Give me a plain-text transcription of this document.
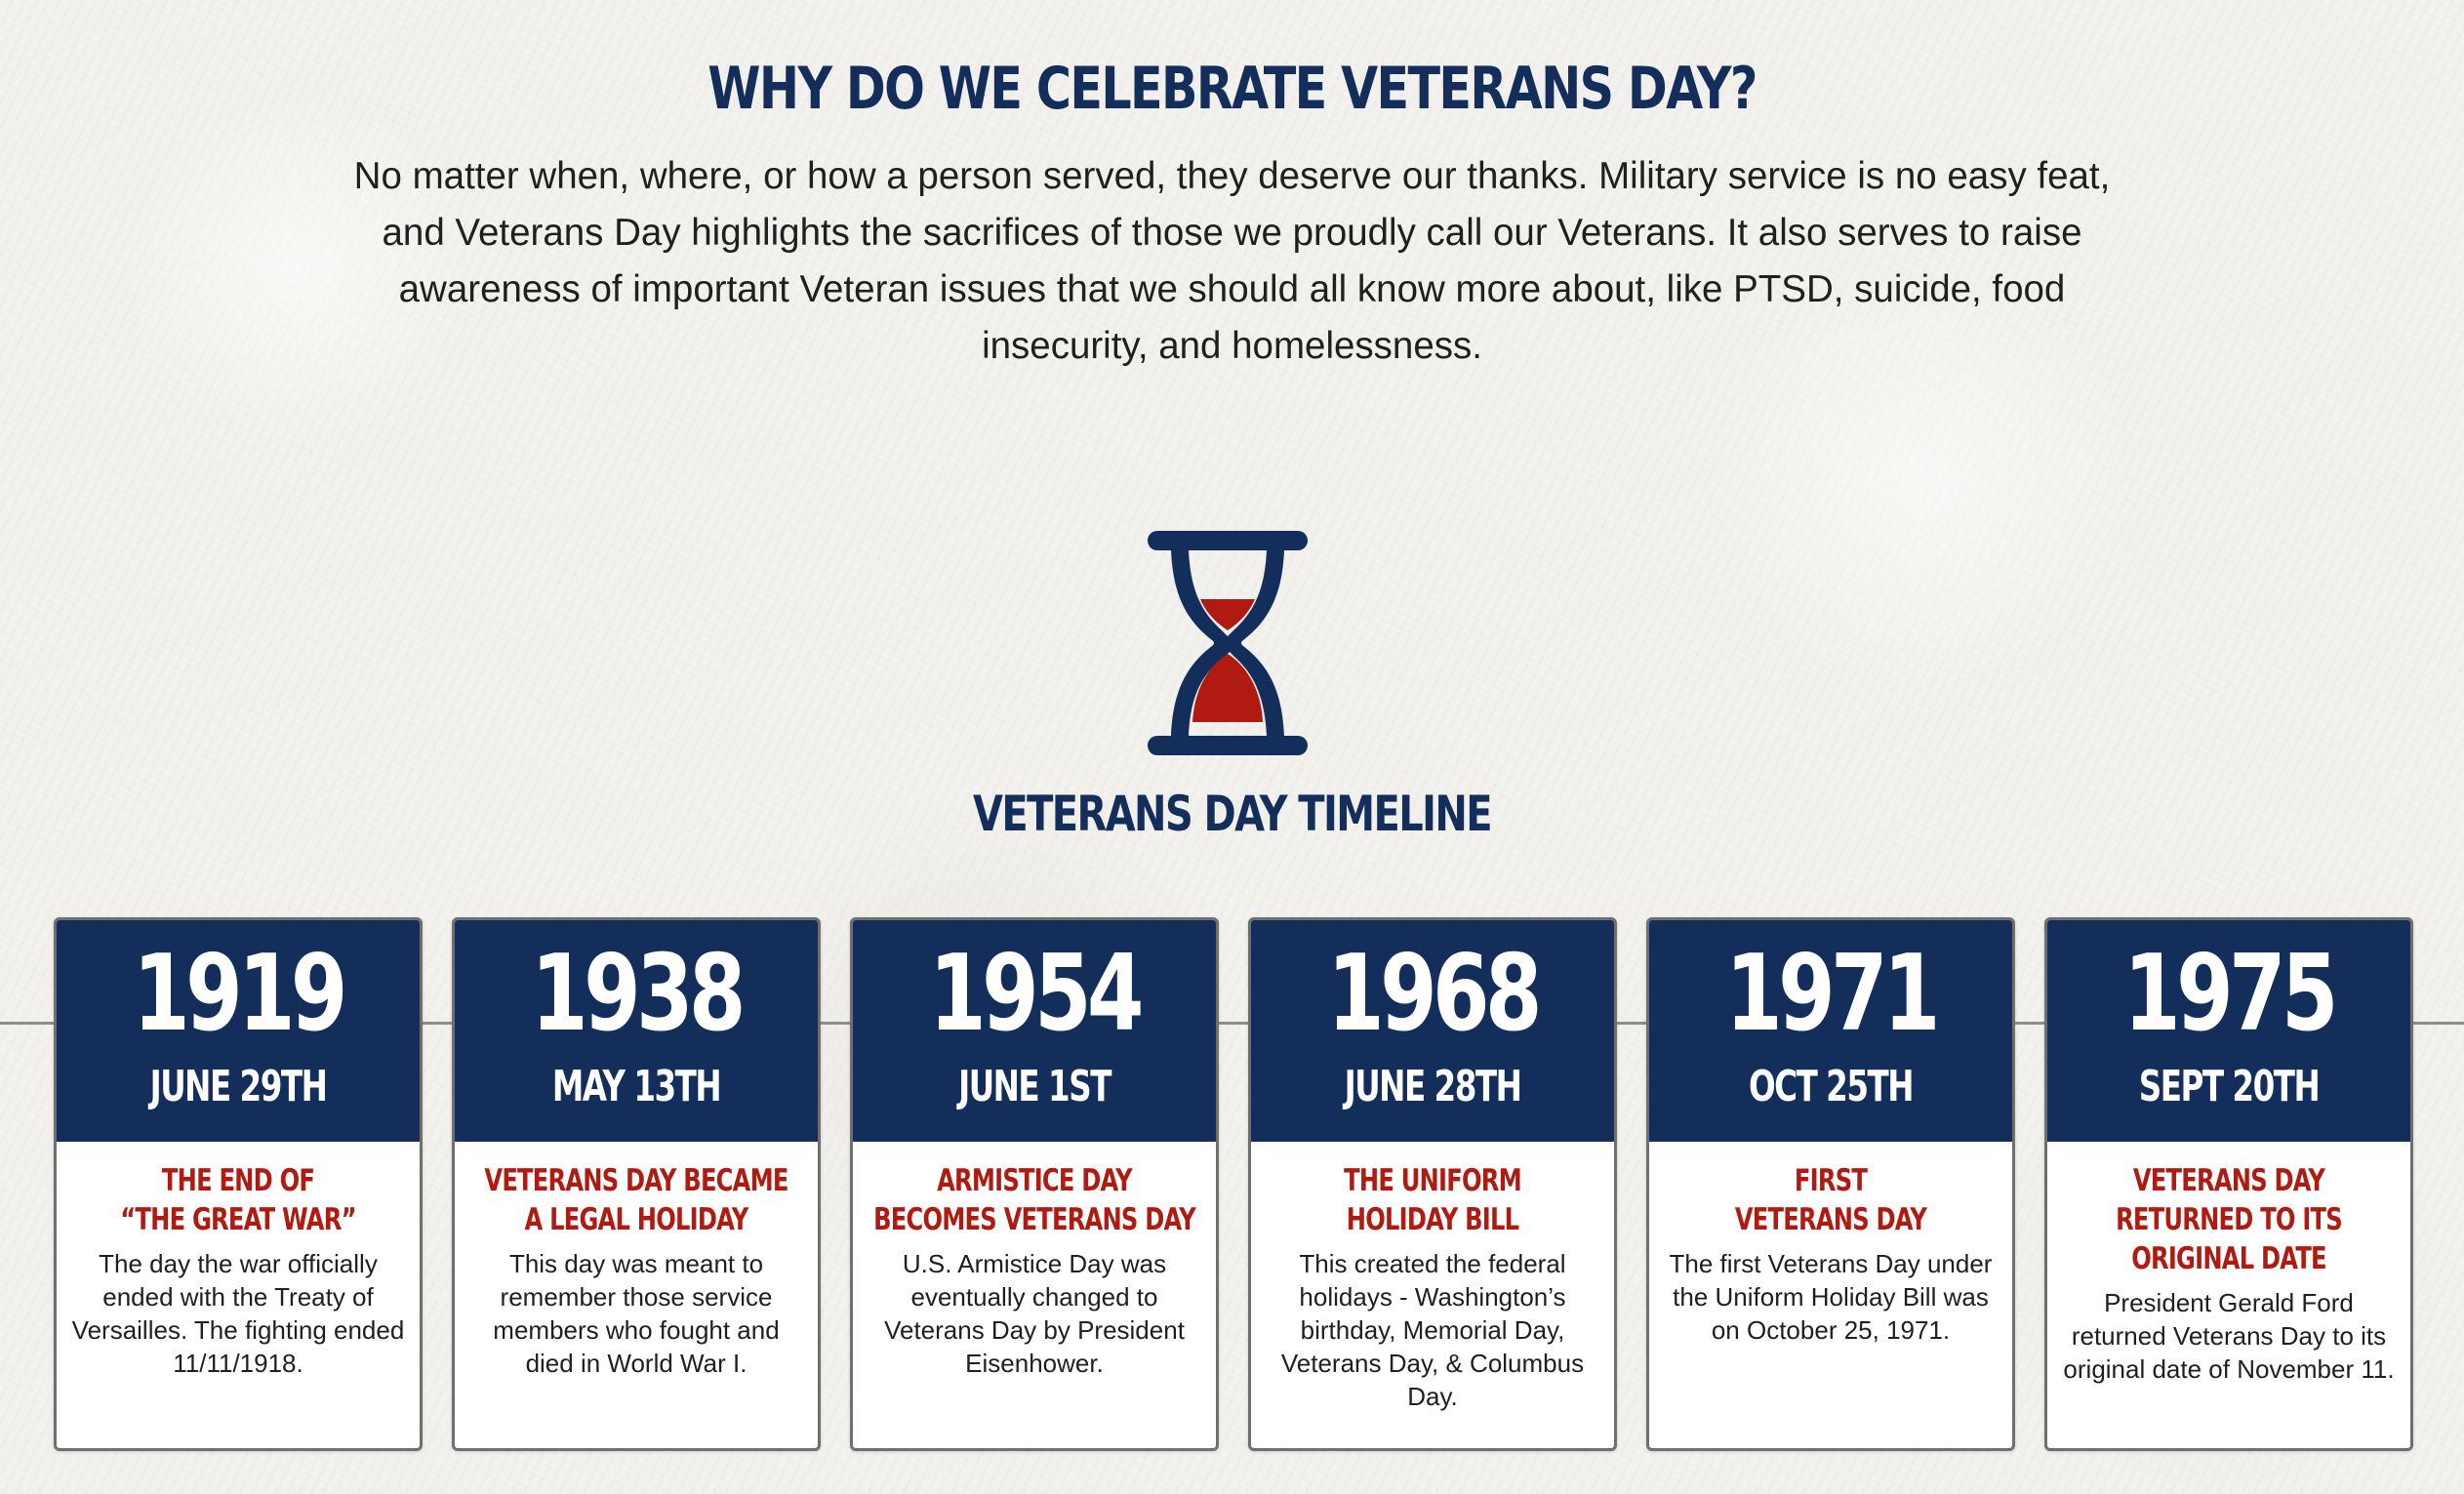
WHY DO WE CELEBRATE VETERANS DAY?

No matter when, where, or how a person served, they deserve our thanks. Military service is no easy feat, and Veterans Day highlights the sacrifices of those we proudly call our Veterans. It also serves to raise awareness of important Veteran issues that we should all know more about, like PTSD, suicide, food insecurity, and homelessness.

VETERANS DAY TIMELINE
1919
JUNE 29TH
THE END OF
“THE GREAT WAR”
The day the war officially ended with the Treaty of Versailles. The fighting ended 11/11/1918.
1938
MAY 13TH
VETERANS DAY BECAME A LEGAL HOLIDAY
This day was meant to remember those service members who fought and died in World War I.
1954
JUNE 1ST
ARMISTICE DAY BECOMES VETERANS DAY
U.S. Armistice Day was eventually changed to Veterans Day by President Eisenhower.
1968
JUNE 28TH
THE UNIFORM
HOLIDAY BILL
This created the federal holidays - Washington’s birthday, Memorial Day, Veterans Day, & Columbus Day.
1971
OCT 25TH
FIRST
VETERANS DAY
The first Veterans Day under the Uniform Holiday Bill was on October 25, 1971.
1975
SEPT 20TH
VETERANS DAY RETURNED TO ITS ORIGINAL DATE
President Gerald Ford returned Veterans Day to its original date of November 11.
